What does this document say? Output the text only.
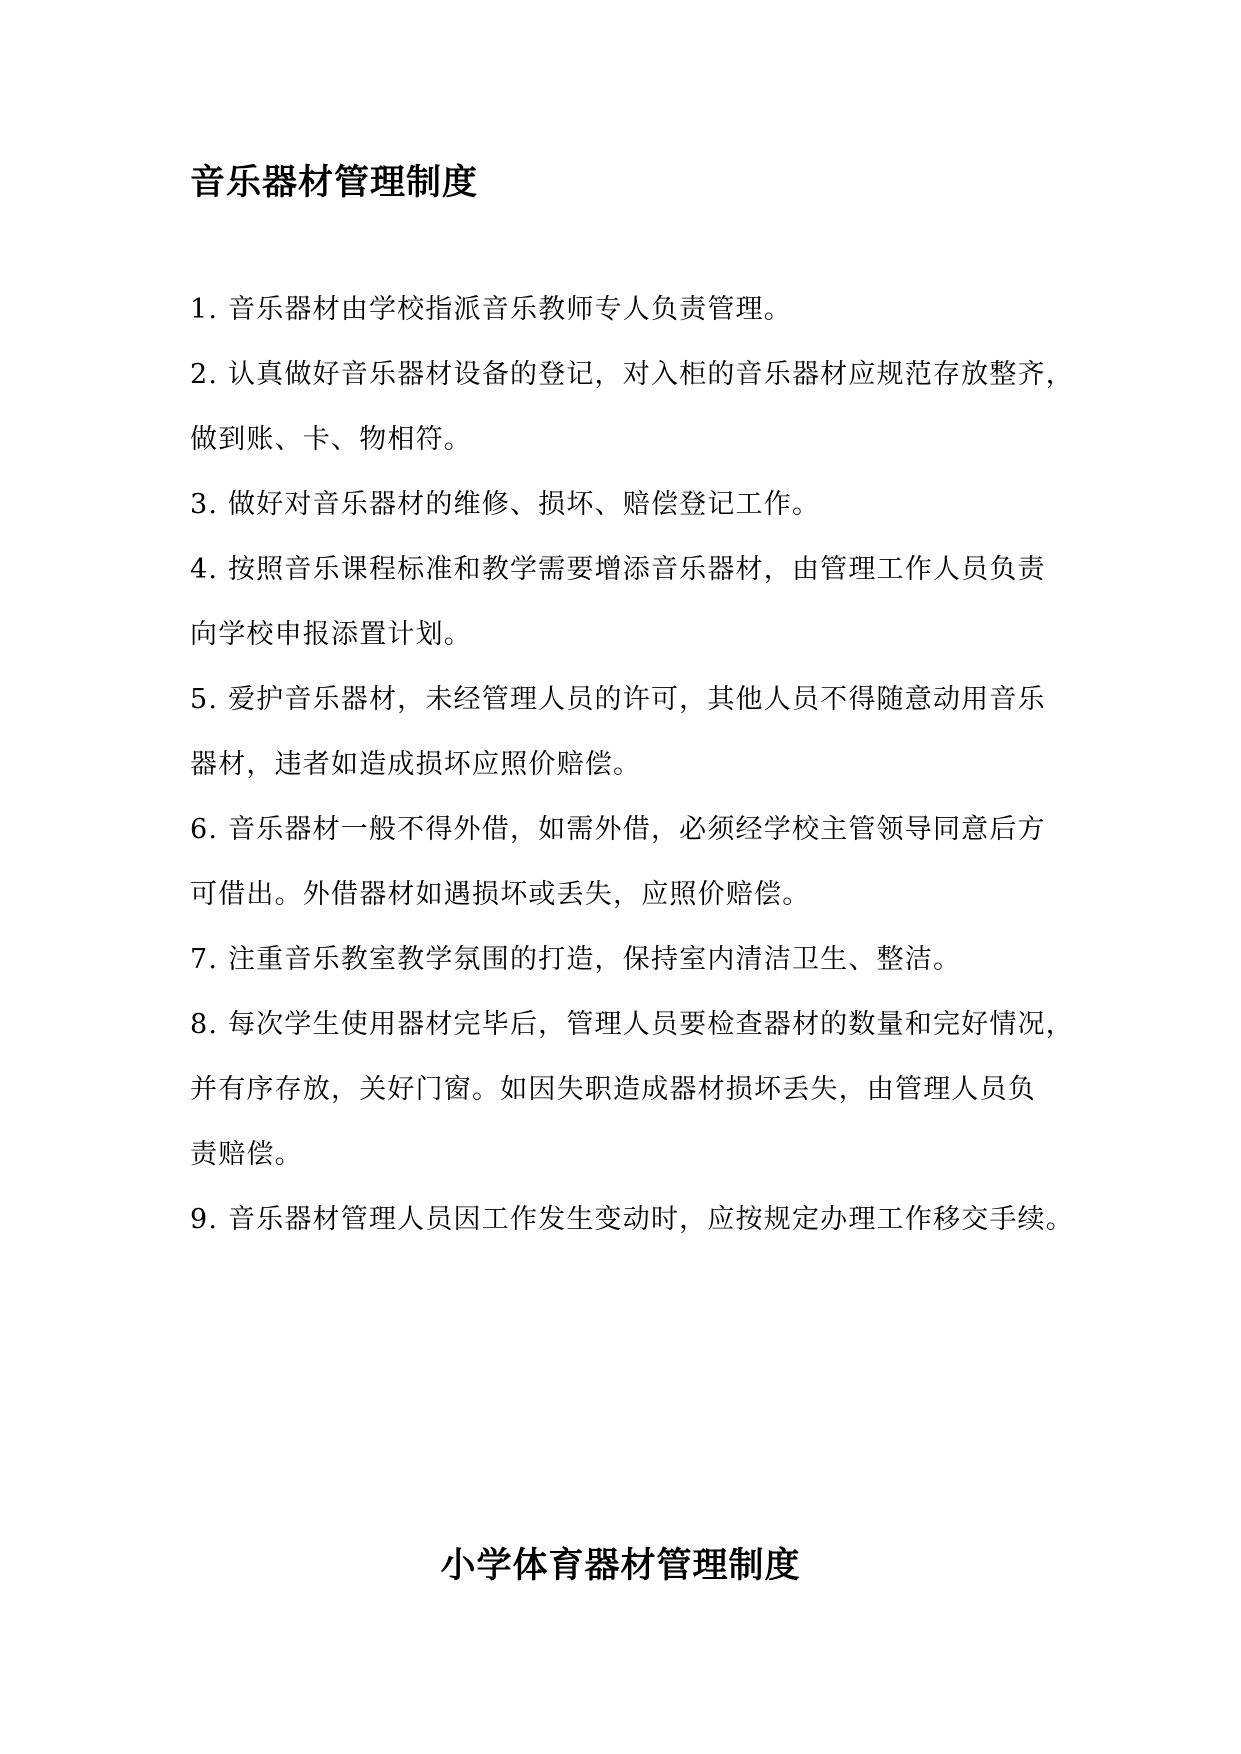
音乐器材管理制度
1. 音乐器材由学校指派音乐教师专人负责管理。
2. 认真做好音乐器材设备的登记，对入柜的音乐器材应规范存放整齐，
做到账、卡、物相符。
3. 做好对音乐器材的维修、损坏、赔偿登记工作。
4. 按照音乐课程标准和教学需要增添音乐器材，由管理工作人员负责
向学校申报添置计划。
5. 爱护音乐器材，未经管理人员的许可，其他人员不得随意动用音乐
器材，违者如造成损坏应照价赔偿。
6. 音乐器材一般不得外借，如需外借，必须经学校主管领导同意后方
可借出。外借器材如遇损坏或丢失，应照价赔偿。
7. 注重音乐教室教学氛围的打造，保持室内清洁卫生、整洁。
8. 每次学生使用器材完毕后，管理人员要检查器材的数量和完好情况，
并有序存放，关好门窗。如因失职造成器材损坏丢失，由管理人员负
责赔偿。
9. 音乐器材管理人员因工作发生变动时，应按规定办理工作移交手续。
小学体育器材管理制度
